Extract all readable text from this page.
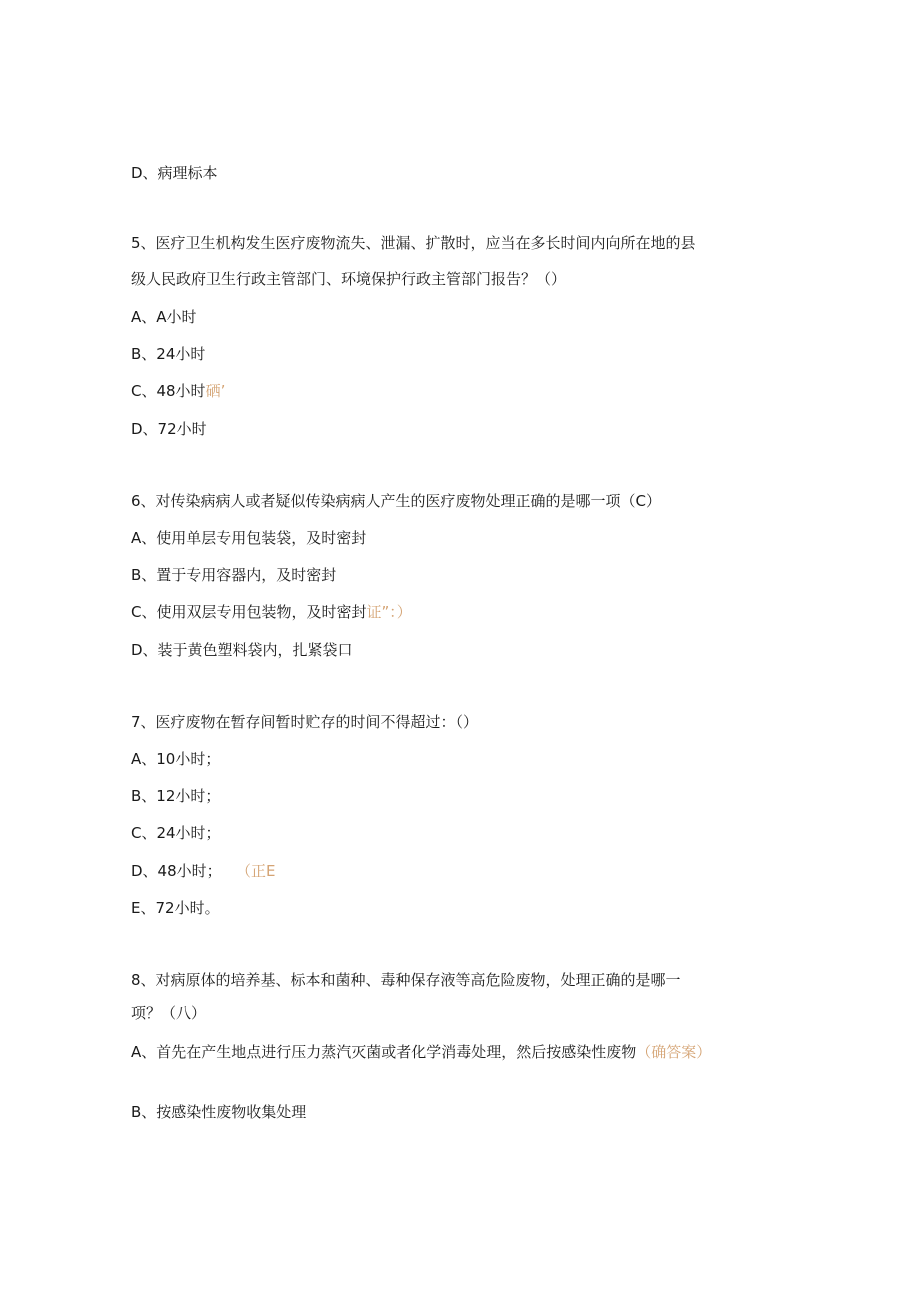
D、病理标本
5、医疗卫生机构发生医疗废物流失、泄漏、扩散时，应当在多长时间内向所在地的县
级人民政府卫生行政主管部门、环境保护行政主管部门报告？（）
A、A小时
B、24小时
C、48小时硒’
D、72小时
6、对传染病病人或者疑似传染病病人产生的医疗废物处理正确的是哪一项（C）
A、使用单层专用包装袋，及时密封
B、置于专用容器内，及时密封
C、使用双层专用包装物，及时密封证”：）
D、装于黄色塑料袋内，扎紧袋口
7、医疗废物在暂存间暂时贮存的时间不得超过：（）
A、10小时；
B、12小时；
C、24小时；
D、48小时； （正E
E、72小时。
8、对病原体的培养基、标本和菌种、毒种保存液等高危险废物，处理正确的是哪一
项？（八）
A、首先在产生地点进行压力蒸汽灭菌或者化学消毒处理，然后按感染性废物（确答案）
B、按感染性废物收集处理
